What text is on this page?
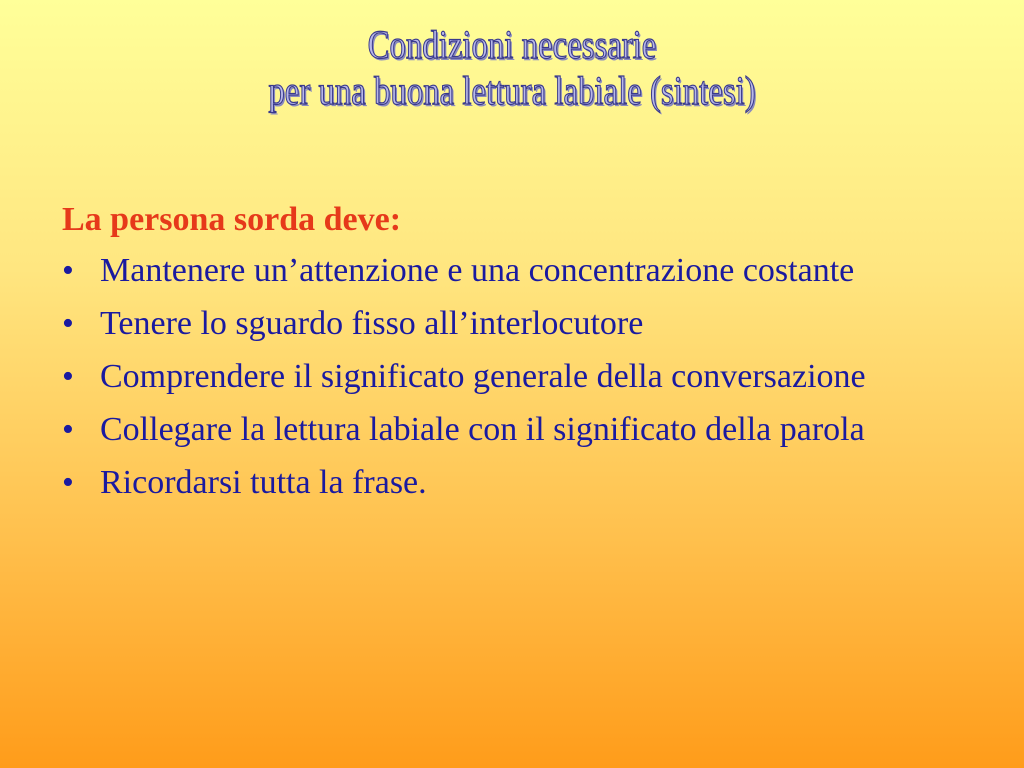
Condizioni necessarie
per una buona lettura labiale (sintesi)
La persona sorda deve:
• Mantenere un’attenzione e una concentrazione costante
• Tenere lo sguardo fisso all’interlocutore
• Comprendere il significato generale della conversazione
• Collegare la lettura labiale con il significato della parola
• Ricordarsi tutta la frase.
